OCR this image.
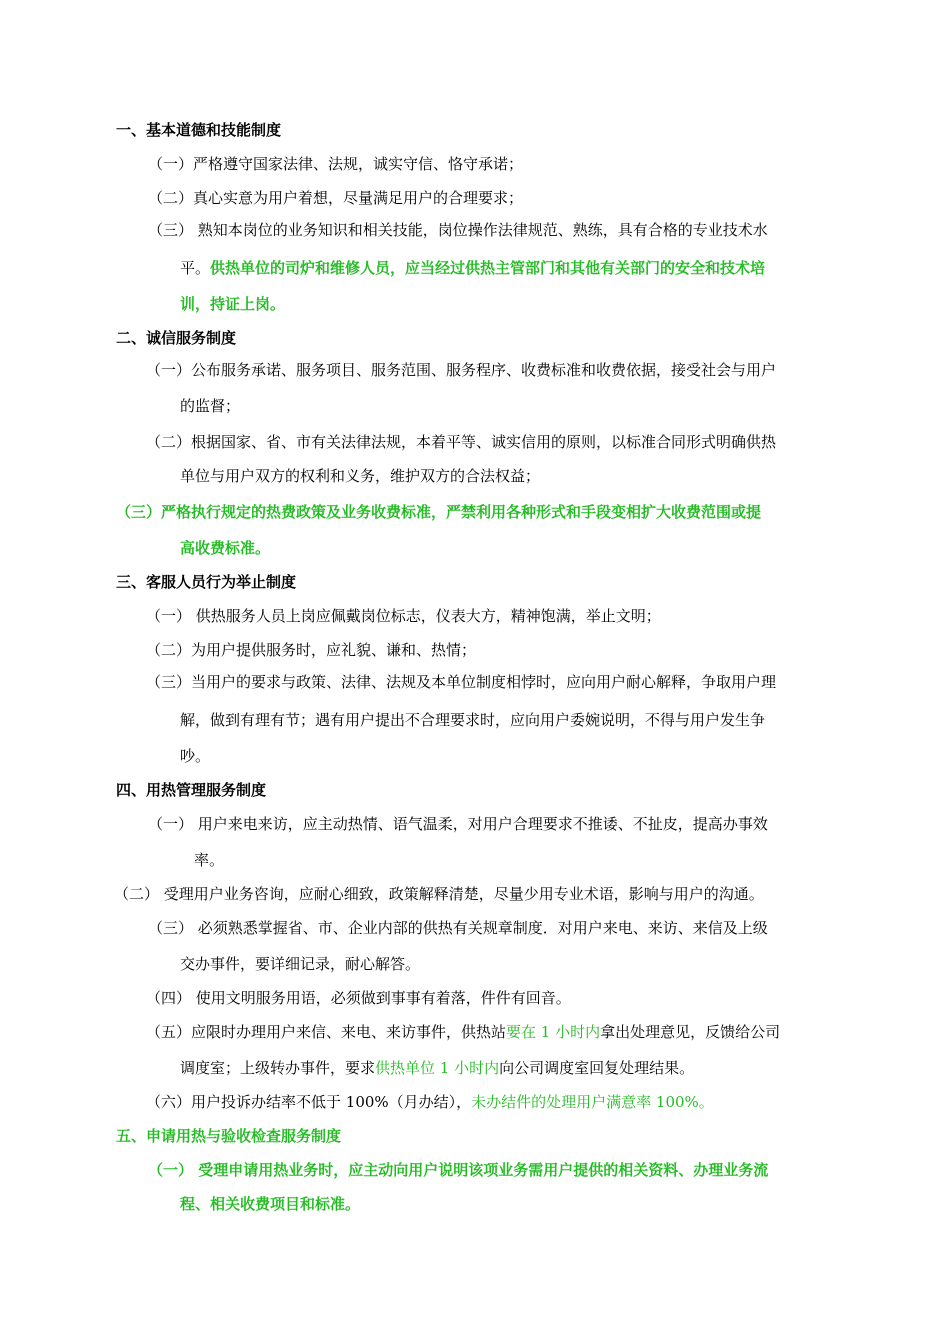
一、基本道德和技能制度
（一）严格遵守国家法律、法规，诚实守信、恪守承诺；
（二）真心实意为用户着想，尽量满足用户的合理要求；
（三） 熟知本岗位的业务知识和相关技能，岗位操作法律规范、熟练，具有合格的专业技术水
平。供热单位的司炉和维修人员，应当经过供热主管部门和其他有关部门的安全和技术培
训，持证上岗。
二、诚信服务制度
（一）公布服务承诺、服务项目、服务范围、服务程序、收费标准和收费依据，接受社会与用户
的监督；
（二）根据国家、省、市有关法律法规，本着平等、诚实信用的原则，以标准合同形式明确供热
单位与用户双方的权利和义务，维护双方的合法权益；
（三）严格执行规定的热费政策及业务收费标准，严禁利用各种形式和手段变相扩大收费范围或提
高收费标准。
三、客服人员行为举止制度
（一） 供热服务人员上岗应佩戴岗位标志，仪表大方，精神饱满，举止文明；
（二）为用户提供服务时，应礼貌、谦和、热情；
（三）当用户的要求与政策、法律、法规及本单位制度相悖时，应向用户耐心解释，争取用户理
解，做到有理有节；遇有用户提出不合理要求时，应向用户委婉说明，不得与用户发生争
吵。
四、用热管理服务制度
（一） 用户来电来访，应主动热情、语气温柔，对用户合理要求不推诿、不扯皮，提高办事效
率。
（二） 受理用户业务咨询，应耐心细致，政策解释清楚，尽量少用专业术语，影响与用户的沟通。
（三） 必须熟悉掌握省、市、企业内部的供热有关规章制度．对用户来电、来访、来信及上级
交办事件，要详细记录，耐心解答。
（四） 使用文明服务用语，必须做到事事有着落，件件有回音。
（五）应限时办理用户来信、来电、来访事件，供热站要在 1 小时内拿出处理意见，反馈给公司
调度室；上级转办事件，要求供热单位 1 小时内向公司调度室回复处理结果。
（六）用户投诉办结率不低于 100%（月办结），未办结件的处理用户满意率 100%。
五、申请用热与验收检查服务制度
（一） 受理申请用热业务时，应主动向用户说明该项业务需用户提供的相关资料、办理业务流
程、相关收费项目和标准。
